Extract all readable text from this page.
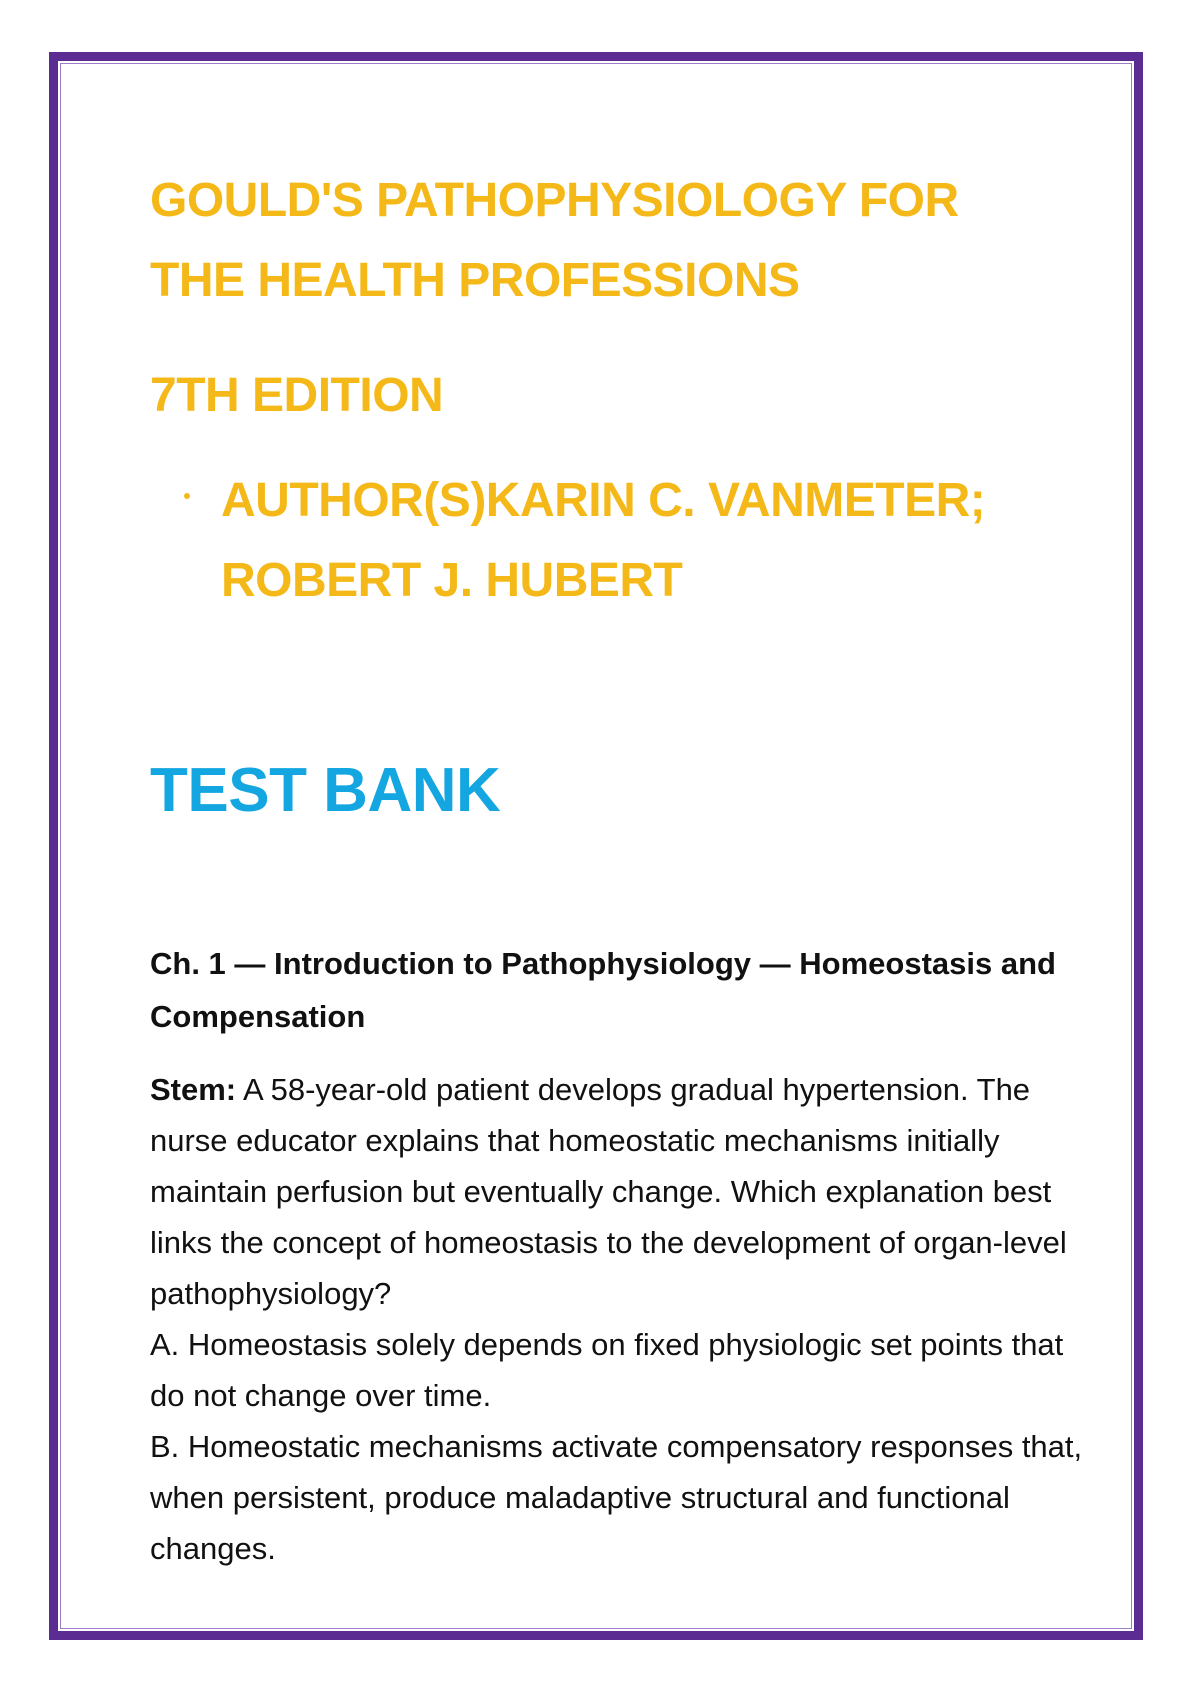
GOULD'S PATHOPHYSIOLOGY FOR THE HEALTH PROFESSIONS
7TH EDITION
AUTHOR(S)KARIN C. VANMETER; ROBERT J. HUBERT
TEST BANK
Ch. 1 — Introduction to Pathophysiology — Homeostasis and Compensation

Stem: A 58-year-old patient develops gradual hypertension. The nurse educator explains that homeostatic mechanisms initially maintain perfusion but eventually change. Which explanation best links the concept of homeostasis to the development of organ-level pathophysiology?

A. Homeostasis solely depends on fixed physiologic set points that do not change over time.

B. Homeostatic mechanisms activate compensatory responses that, when persistent, produce maladaptive structural and functional changes.
